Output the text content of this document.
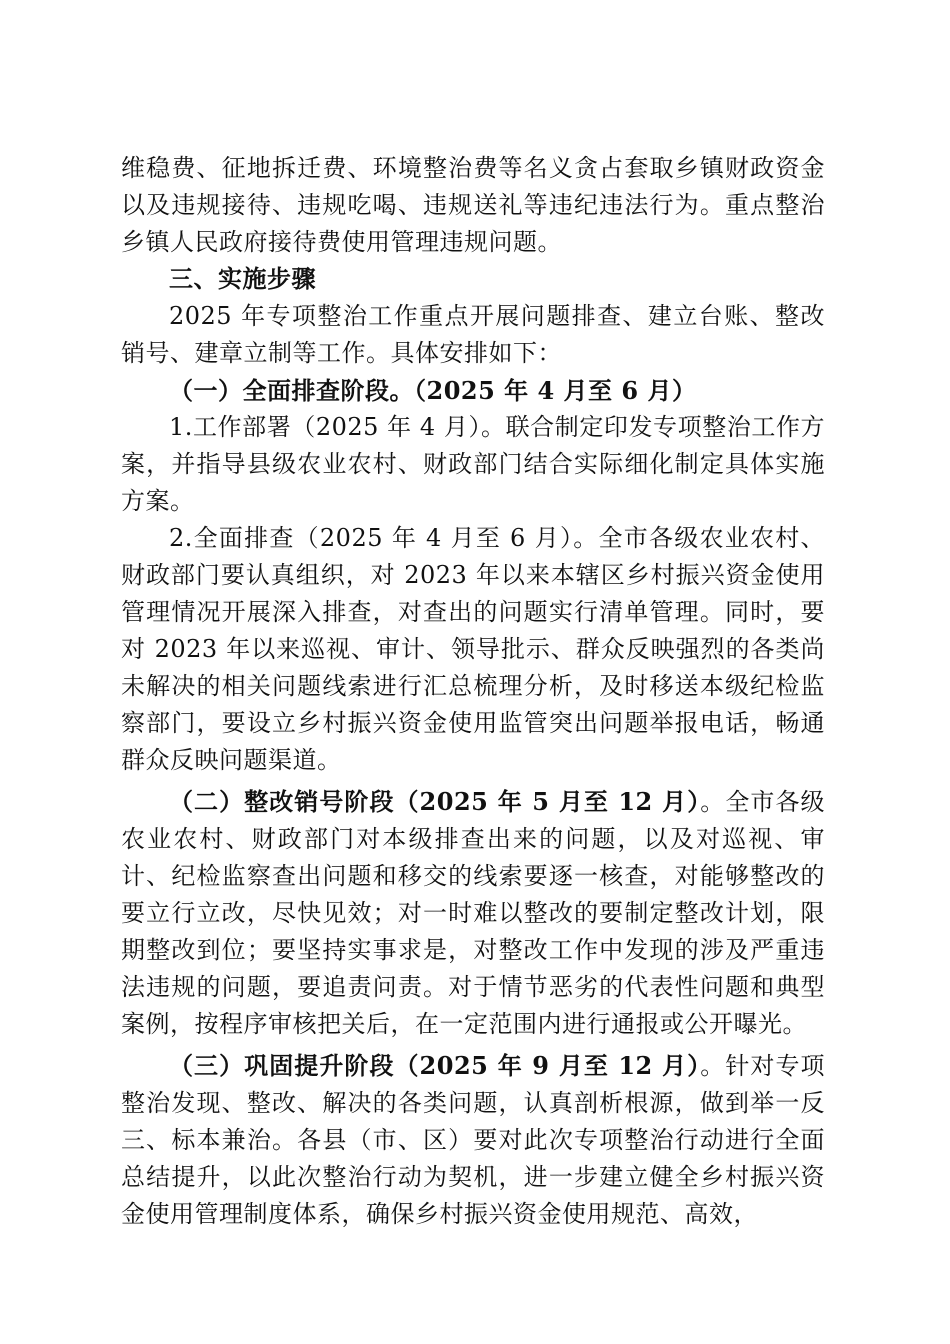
维稳费、征地拆迁费、环境整治费等名义贪占套取乡镇财政资金以及违规接待、违规吃喝、违规送礼等违纪违法行为。重点整治乡镇人民政府接待费使用管理违规问题。

三、实施步骤

2025 年专项整治工作重点开展问题排查、建立台账、整改销号、建章立制等工作。具体安排如下：

（一）全面排查阶段。（2025 年 4 月至 6 月）

1.工作部署（2025 年 4 月）。联合制定印发专项整治工作方案，并指导县级农业农村、财政部门结合实际细化制定具体实施方案。

2.全面排查（2025 年 4 月至 6 月）。全市各级农业农村、财政部门要认真组织，对 2023 年以来本辖区乡村振兴资金使用管理情况开展深入排查，对查出的问题实行清单管理。同时，要对 2023 年以来巡视、审计、领导批示、群众反映强烈的各类尚未解决的相关问题线索进行汇总梳理分析，及时移送本级纪检监察部门，要设立乡村振兴资金使用监管突出问题举报电话，畅通群众反映问题渠道。

（二）整改销号阶段（2025 年 5 月至 12 月）。全市各级农业农村、财政部门对本级排查出来的问题，以及对巡视、审计、纪检监察查出问题和移交的线索要逐一核查，对能够整改的要立行立改，尽快见效；对一时难以整改的要制定整改计划，限期整改到位；要坚持实事求是，对整改工作中发现的涉及严重违法违规的问题，要追责问责。对于情节恶劣的代表性问题和典型案例，按程序审核把关后，在一定范围内进行通报或公开曝光。

（三）巩固提升阶段（2025 年 9 月至 12 月）。针对专项整治发现、整改、解决的各类问题，认真剖析根源，做到举一反三、标本兼治。各县（市、区）要对此次专项整治行动进行全面总结提升，以此次整治行动为契机，进一步建立健全乡村振兴资金使用管理制度体系，确保乡村振兴资金使用规范、高效，
